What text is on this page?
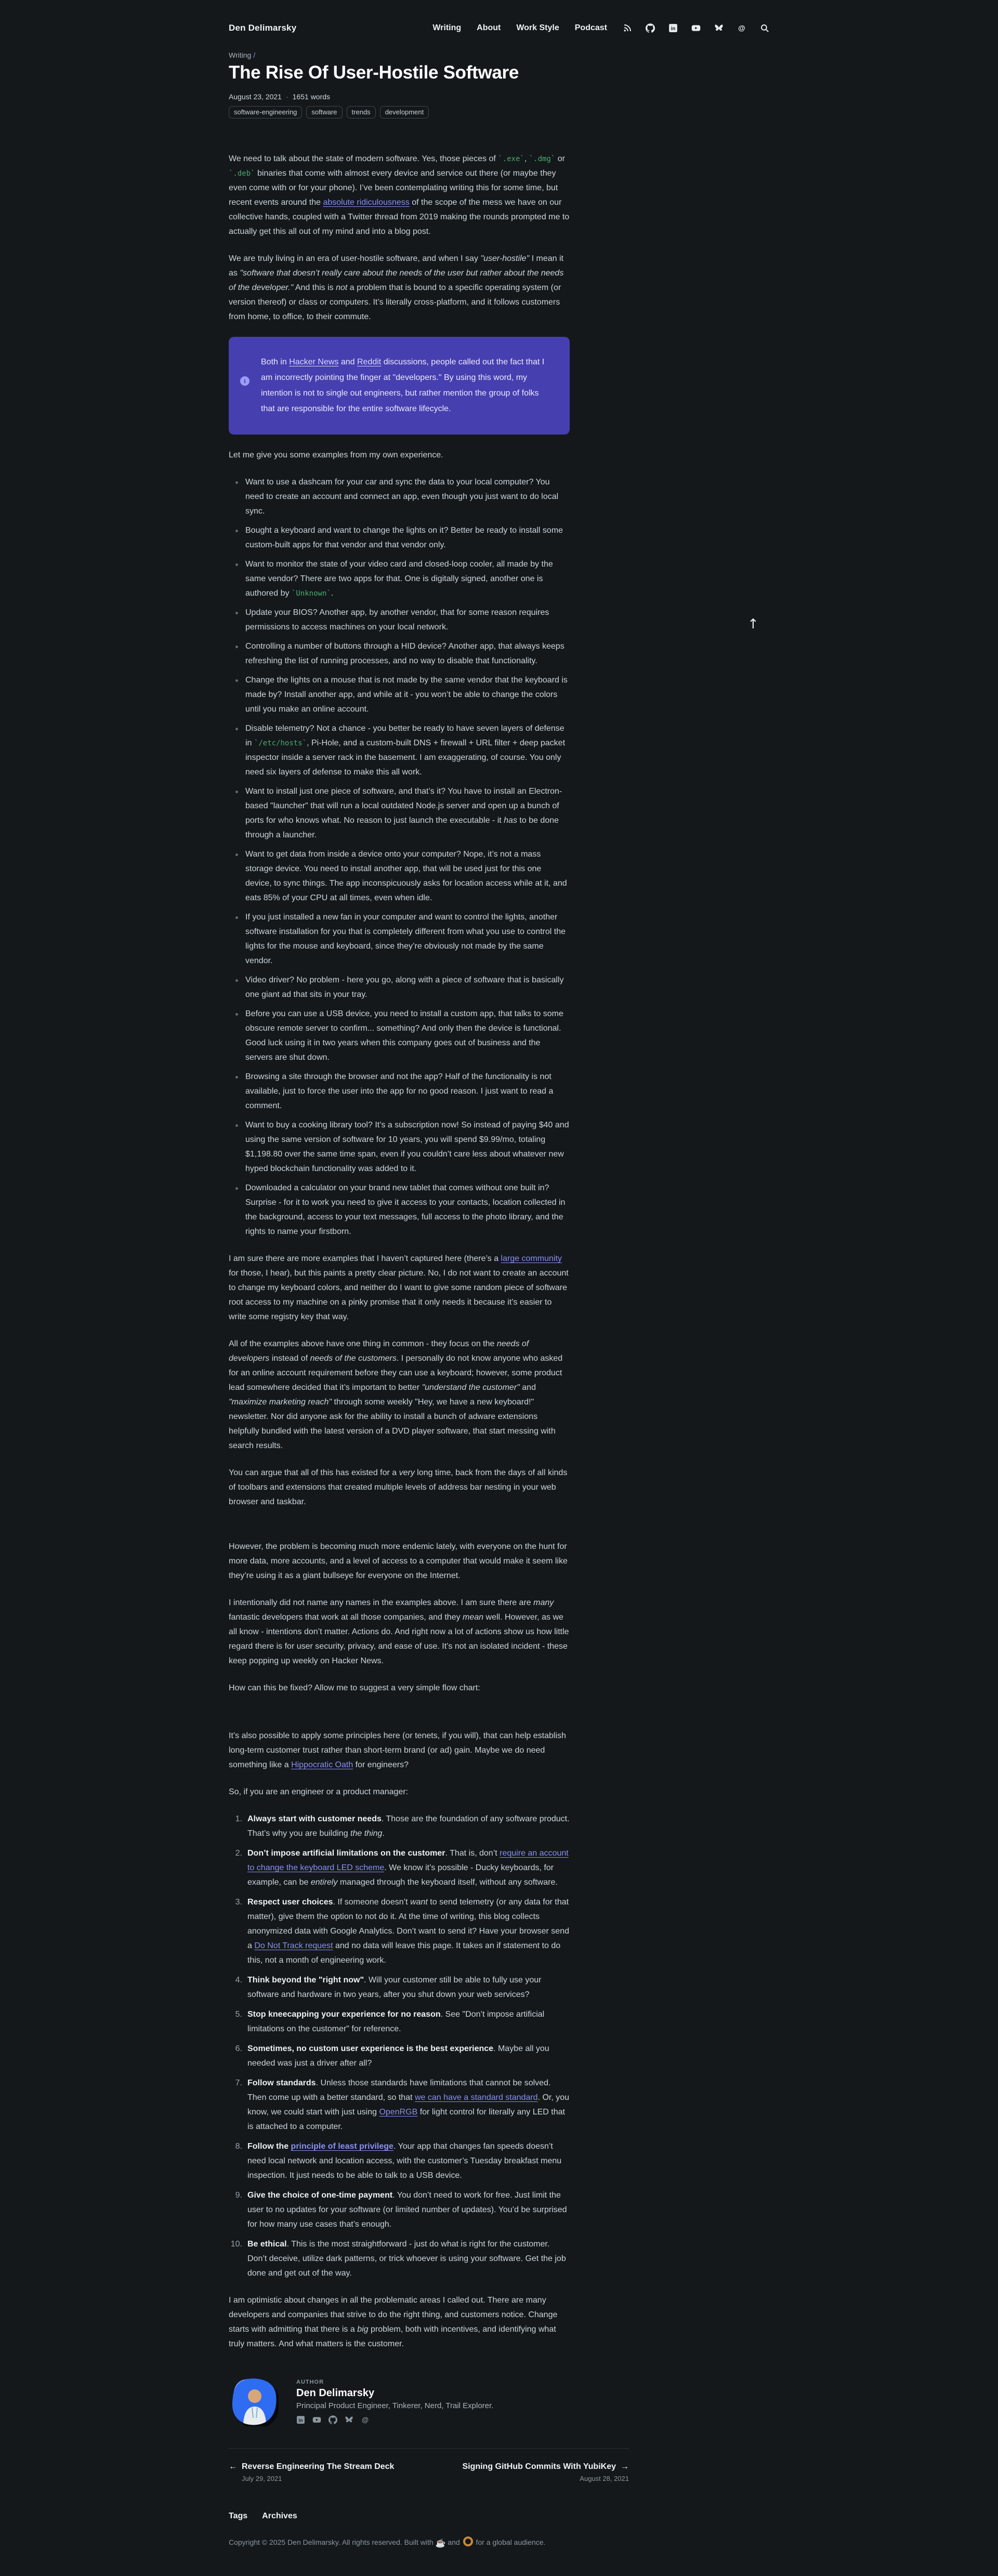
Den Delimarsky	Writing About Work Style Podcast	in	@
Writing /
The Rise Of User-Hostile Software
August 23, 2021 · 1651 words
software-engineering	software	trends	development

We need to talk about the state of modern software. Yes, those pieces of `.exe`, `.dmg` or `.deb` binaries that come with almost every device and service out there (or maybe they even come with or for your phone). I’ve been contemplating writing this for some time, but recent events around the absolute ridiculousness of the scope of the mess we have on our collective hands, coupled with a Twitter thread from 2019 making the rounds prompted me to actually get this all out of my mind and into a blog post.

We are truly living in an era of user-hostile software, and when I say "user-hostile" I mean it as "software that doesn’t really care about the needs of the user but rather about the needs of the developer." And this is not a problem that is bound to a specific operating system (or version thereof) or class or computers. It’s literally cross-platform, and it follows customers from home, to office, to their commute.

i
Both in Hacker News and Reddit discussions, people called out the fact that I am incorrectly pointing the finger at "developers." By using this word, my intention is not to single out engineers, but rather mention the group of folks that are responsible for the entire software lifecycle.

Let me give you some examples from my own experience.

Want to use a dashcam for your car and sync the data to your local computer? You need to create an account and connect an app, even though you just want to do local sync.
Bought a keyboard and want to change the lights on it? Better be ready to install some custom-built apps for that vendor and that vendor only.
Want to monitor the state of your video card and closed-loop cooler, all made by the same vendor? There are two apps for that. One is digitally signed, another one is authored by `Unknown`.
Update your BIOS? Another app, by another vendor, that for some reason requires permissions to access machines on your local network.
Controlling a number of buttons through a HID device? Another app, that always keeps refreshing the list of running processes, and no way to disable that functionality.
Change the lights on a mouse that is not made by the same vendor that the keyboard is made by? Install another app, and while at it - you won’t be able to change the colors until you make an online account.
Disable telemetry? Not a chance - you better be ready to have seven layers of defense in `/etc/hosts`, Pi-Hole, and a custom-built DNS + firewall + URL filter + deep packet inspector inside a server rack in the basement. I am exaggerating, of course. You only need six layers of defense to make this all work.
Want to install just one piece of software, and that’s it? You have to install an Electron-based "launcher" that will run a local outdated Node.js server and open up a bunch of ports for who knows what. No reason to just launch the executable - it has to be done through a launcher.
Want to get data from inside a device onto your computer? Nope, it’s not a mass storage device. You need to install another app, that will be used just for this one device, to sync things. The app inconspicuously asks for location access while at it, and eats 85% of your CPU at all times, even when idle.
If you just installed a new fan in your computer and want to control the lights, another software installation for you that is completely different from what you use to control the lights for the mouse and keyboard, since they’re obviously not made by the same vendor.
Video driver? No problem - here you go, along with a piece of software that is basically one giant ad that sits in your tray.
Before you can use a USB device, you need to install a custom app, that talks to some obscure remote server to confirm... something? And only then the device is functional. Good luck using it in two years when this company goes out of business and the servers are shut down.
Browsing a site through the browser and not the app? Half of the functionality is not available, just to force the user into the app for no good reason. I just want to read a comment.
Want to buy a cooking library tool? It’s a subscription now! So instead of paying $40 and using the same version of software for 10 years, you will spend $9.99/mo, totaling $1,198.80 over the same time span, even if you couldn’t care less about whatever new hyped blockchain functionality was added to it.
Downloaded a calculator on your brand new tablet that comes without one built in? Surprise - for it to work you need to give it access to your contacts, location collected in the background, access to your text messages, full access to the photo library, and the rights to name your firstborn.

I am sure there are more examples that I haven’t captured here (there’s a large community for those, I hear), but this paints a pretty clear picture. No, I do not want to create an account to change my keyboard colors, and neither do I want to give some random piece of software root access to my machine on a pinky promise that it only needs it because it’s easier to write some registry key that way.

All of the examples above have one thing in common - they focus on the needs of developers instead of needs of the customers. I personally do not know anyone who asked for an online account requirement before they can use a keyboard; however, some product lead somewhere decided that it’s important to better "understand the customer" and "maximize marketing reach" through some weekly "Hey, we have a new keyboard!" newsletter. Nor did anyone ask for the ability to install a bunch of adware extensions helpfully bundled with the latest version of a DVD player software, that start messing with search results.

You can argue that all of this has existed for a very long time, back from the days of all kinds of toolbars and extensions that created multiple levels of address bar nesting in your web browser and taskbar.

However, the problem is becoming much more endemic lately, with everyone on the hunt for more data, more accounts, and a level of access to a computer that would make it seem like they’re using it as a giant bullseye for everyone on the Internet.

I intentionally did not name any names in the examples above. I am sure there are many fantastic developers that work at all those companies, and they mean well. However, as we all know - intentions don’t matter. Actions do. And right now a lot of actions show us how little regard there is for user security, privacy, and ease of use. It’s not an isolated incident - these keep popping up weekly on Hacker News.

How can this be fixed? Allow me to suggest a very simple flow chart:

It’s also possible to apply some principles here (or tenets, if you will), that can help establish long-term customer trust rather than short-term brand (or ad) gain. Maybe we do need something like a Hippocratic Oath for engineers?

So, if you are an engineer or a product manager:

1. Always start with customer needs. Those are the foundation of any software product. That’s why you are building the thing.
2. Don’t impose artificial limitations on the customer. That is, don’t require an account to change the keyboard LED scheme. We know it’s possible - Ducky keyboards, for example, can be entirely managed through the keyboard itself, without any software.
3. Respect user choices. If someone doesn’t want to send telemetry (or any data for that matter), give them the option to not do it. At the time of writing, this blog collects anonymized data with Google Analytics. Don’t want to send it? Have your browser send a Do Not Track request and no data will leave this page. It takes an if statement to do this, not a month of engineering work.
4. Think beyond the "right now". Will your customer still be able to fully use your software and hardware in two years, after you shut down your web services?
5. Stop kneecapping your experience for no reason. See "Don’t impose artificial limitations on the customer" for reference.
6. Sometimes, no custom user experience is the best experience. Maybe all you needed was just a driver after all?
7. Follow standards. Unless those standards have limitations that cannot be solved. Then come up with a better standard, so that we can have a standard standard. Or, you know, we could start with just using OpenRGB for light control for literally any LED that is attached to a computer.
8. Follow the principle of least privilege. Your app that changes fan speeds doesn’t need local network and location access, with the customer’s Tuesday breakfast menu inspection. It just needs to be able to talk to a USB device.
9. Give the choice of one-time payment. You don’t need to work for free. Just limit the user to no updates for your software (or limited number of updates). You’d be surprised for how many use cases that’s enough.
10. Be ethical. This is the most straightforward - just do what is right for the customer. Don’t deceive, utilize dark patterns, or trick whoever is using your software. Get the job done and get out of the way.

I am optimistic about changes in all the problematic areas I called out. There are many developers and companies that strive to do the right thing, and customers notice. Change starts with admitting that there is a big problem, both with incentives, and identifying what truly matters. And what matters is the customer.

AUTHOR
Den Delimarsky
Principal Product Engineer, Tinkerer, Nerd, Trail Explorer.
in	@
← Reverse Engineering The Stream Deck
July 29, 2021
Signing GitHub Commits With YubiKey →
August 28, 2021
Tags Archives
Copyright © 2025 Den Delimarsky. All rights reserved. Built with ☕ and  for a global audience.
↑
